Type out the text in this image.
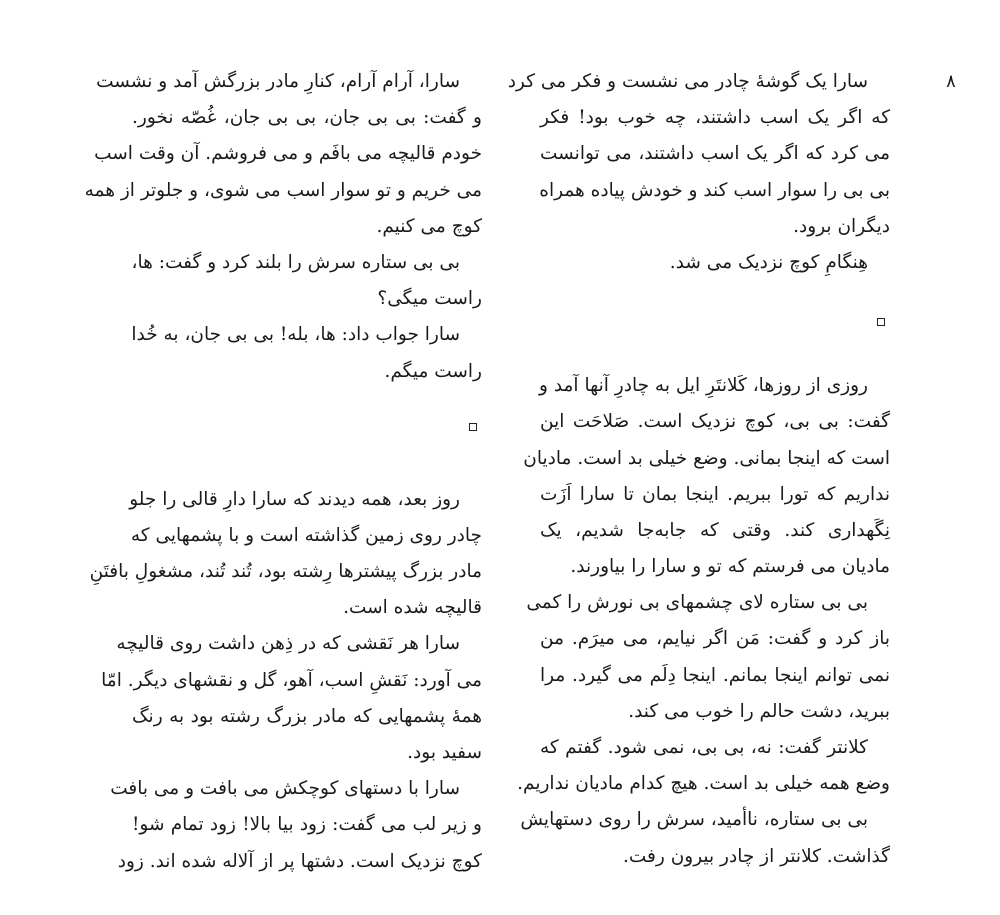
۸
سارا یک گوشهٔ چادر می نشست و فکر می کرد
که اگر یک اسب داشتند، چه خوب بود! فکر
می کرد که اگر یک اسب داشتند، می توانست
بی بی را سوار اسب کند و خودش پیاده همراه
دیگران برود.
هِنگامِ کوچ نزدیک می شد.
روزی از روزها، کَلانتَرِ ایل به چادرِ آنها آمد و
گفت: بی بی، کوچ نزدیک است. صَلاحَت این
است که اینجا بمانی. وضع خیلی بد است. مادیان
نداریم که تورا ببریم. اینجا بمان تا سارا اَزَت
نِگَهداری کند. وقتی که جابه‌جا شدیم، یک
مادیان می فرستم که تو و سارا را بیاورند.
بی بی ستاره لای چشمهای بی نورش را کمی
باز کرد و گفت: مَن اگر نیایم، می میرَم. من
نمی توانم اینجا بمانم. اینجا دِلَم می گیرد. مرا
ببرید، دشت حالم را خوب می کند.
کلانتر گفت: نه، بی بی، نمی شود. گفتم که
وضع همه خیلی بد است. هیچ کدام مادیان نداریم.
بی بی ستاره، ناأمید، سرش را روی دستهایش
گذاشت. کلانتر از چادر بیرون رفت.
سارا، آرام آرام، کنارِ مادر بزرگش آمد و نشست
و گفت: بی بی جان، بی بی جان، غُصّه نخور.
خودم قالیچه می بافَم و می فروشم. آن وقت اسب
می خریم و تو سوار اسب می شوی، و جلوتر از همه
کوچ می کنیم.
بی بی ستاره سرش را بلند کرد و گفت: ها،
راست میگی؟
سارا جواب داد: ها، بله! بی بی جان، به خُدا
راست میگم.
روز بعد، همه دیدند که سارا دارِ قالی را جلو
چادر روی زمین گذاشته است و با پشمهایی که
مادر بزرگ پیشترها رِشته بود، تُند تُند، مشغولِ بافتَنِ
قالیچه شده است.
سارا هر نَقشی که در ذِهن داشت روی قالیچه
می آورد: نَقشِ اسب، آهو، گل و نقشهای دیگر. امّا
همهٔ پشمهایی که مادر بزرگ رشته بود به رنگ
سفید بود.
سارا با دستهای کوچکش می بافت و می بافت
و زیر لب می گفت: زود بیا بالا! زود تمام شو!
کوچ نزدیک است. دشتها پر از آلاله شده اند. زود
